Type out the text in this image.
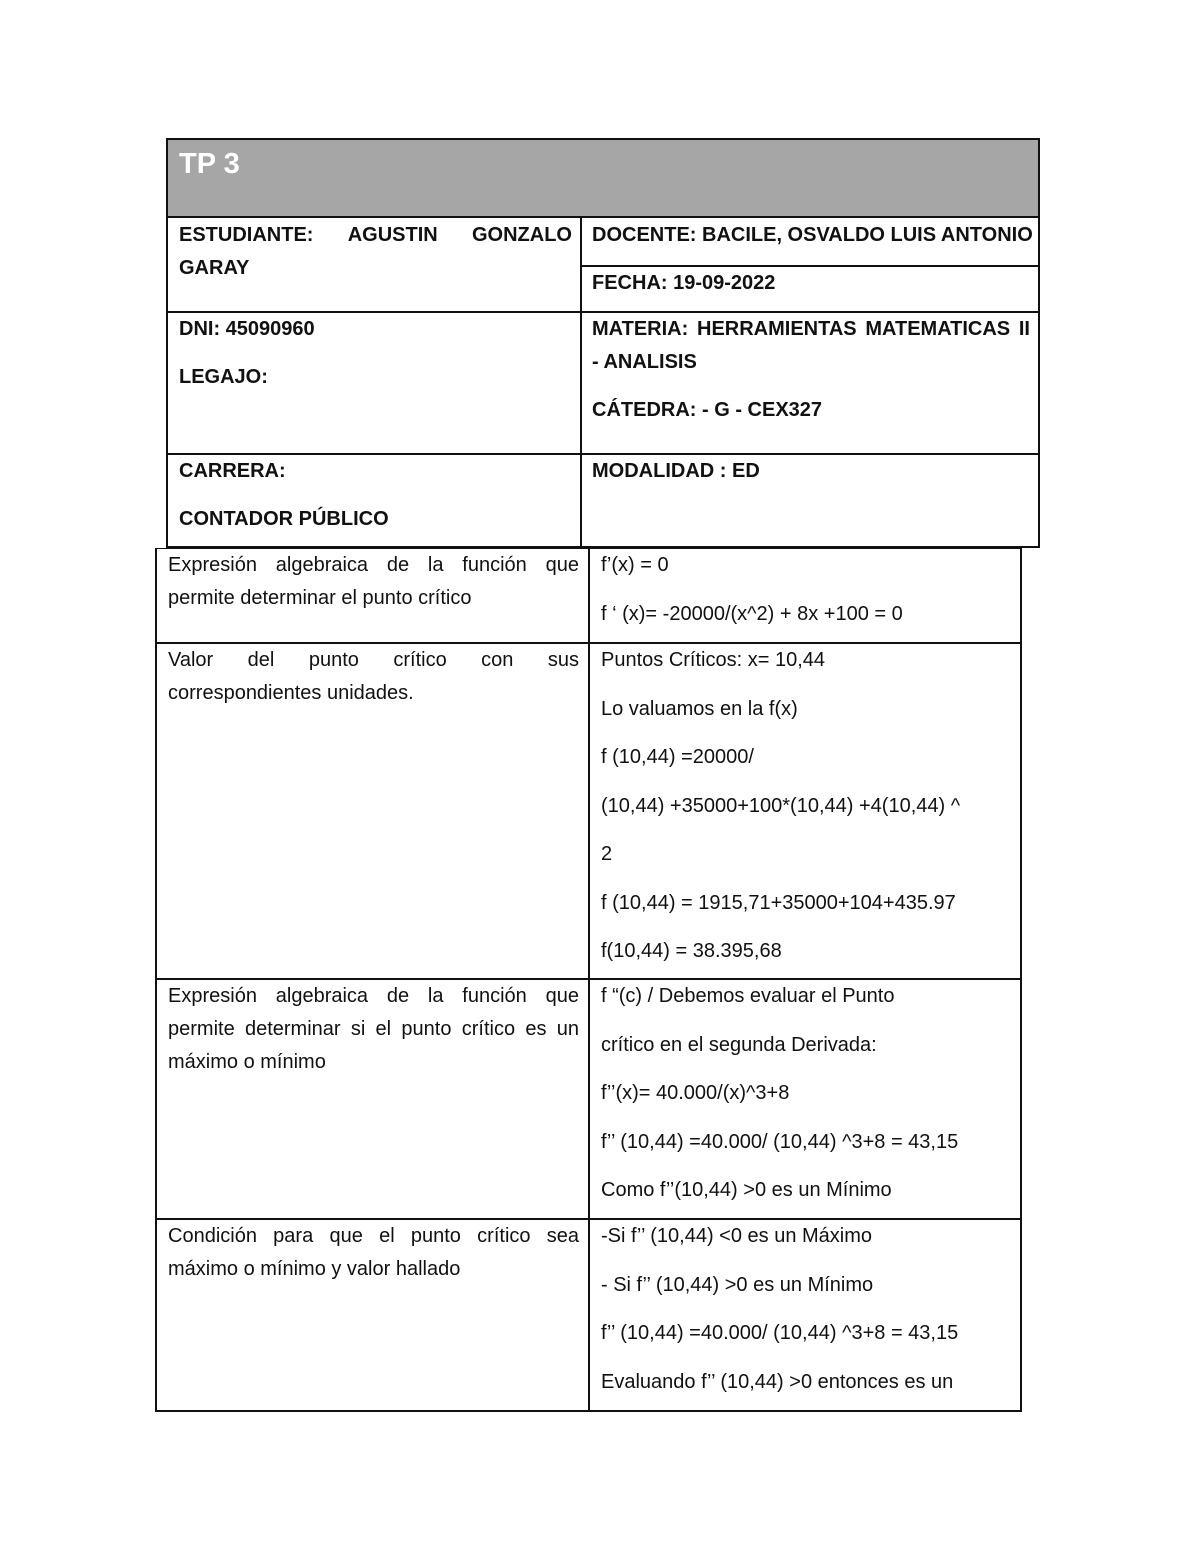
TP 3
ESTUDIANTE: AGUSTIN GONZALO
GARAY
DOCENTE: BACILE, OSVALDO LUIS ANTONIO
FECHA: 19-09-2022
DNI: 45090960
LEGAJO:
MATERIA: HERRAMIENTAS MATEMATICAS II - ANALISIS
CÁTEDRA: - G - CEX327
CARRERA:
CONTADOR PÚBLICO
MODALIDAD : ED
Expresión algebraica de la función que permite determinar el punto crítico
f’(x) = 0
f ‘ (x)= -20000/(x^2) + 8x +100 = 0
Valor del punto crítico con sus correspondientes unidades.
Puntos Críticos: x= 10,44
Lo valuamos en la f(x)
f (10,44) =20000/
(10,44) +35000+100*(10,44) +4(10,44) ^
2
f (10,44) = 1915,71+35000+104+435.97
f(10,44) = 38.395,68
Expresión algebraica de la función que permite determinar si el punto crítico es un máximo o mínimo
f “(c) / Debemos evaluar el Punto
crítico en el segunda Derivada:
f’’(x)= 40.000/(x)^3+8
f’’ (10,44) =40.000/ (10,44) ^3+8 = 43,15
Como f’’(10,44) >0 es un Mínimo
Condición para que el punto crítico sea máximo o mínimo y valor hallado
-Si f’’ (10,44) <0 es un Máximo
- Si f’’ (10,44) >0 es un Mínimo
f’’ (10,44) =40.000/ (10,44) ^3+8 = 43,15
Evaluando f’’ (10,44) >0 entonces es un
